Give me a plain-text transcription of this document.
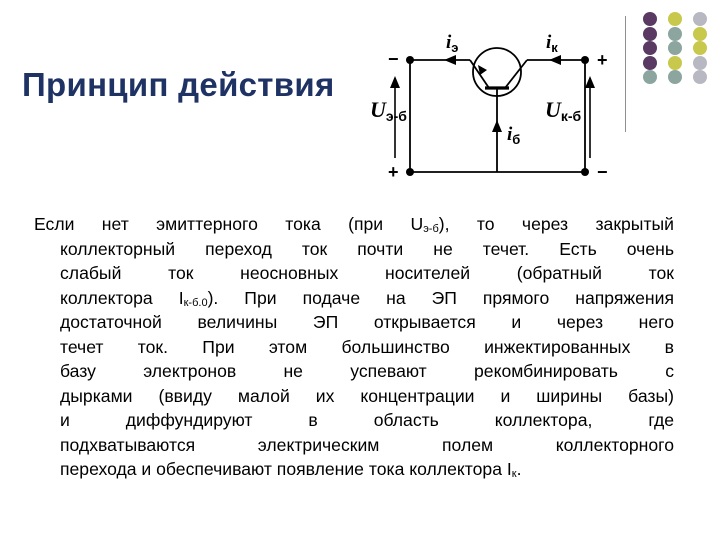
Принцип действия
−	+
+	−
$i_э$	$i_к$
$i_б$
Uэ-б	Uк-б
Если нет эмиттерного тока (при Uэ-б), то через закрытый
коллекторный переход ток почти не течет. Есть очень
слабый ток неосновных носителей (обратный ток
коллектора Iк-б.0). При подаче на ЭП прямого напряжения
достаточной величины ЭП открывается и через него
течет ток. При этом большинство инжектированных в
базу электронов не успевают рекомбинировать с
дырками (ввиду малой их концентрации и ширины базы)
и диффундируют в область коллектора, где
подхватываются электрическим полем коллекторного
перехода и обеспечивают появление тока коллектора Iк.
